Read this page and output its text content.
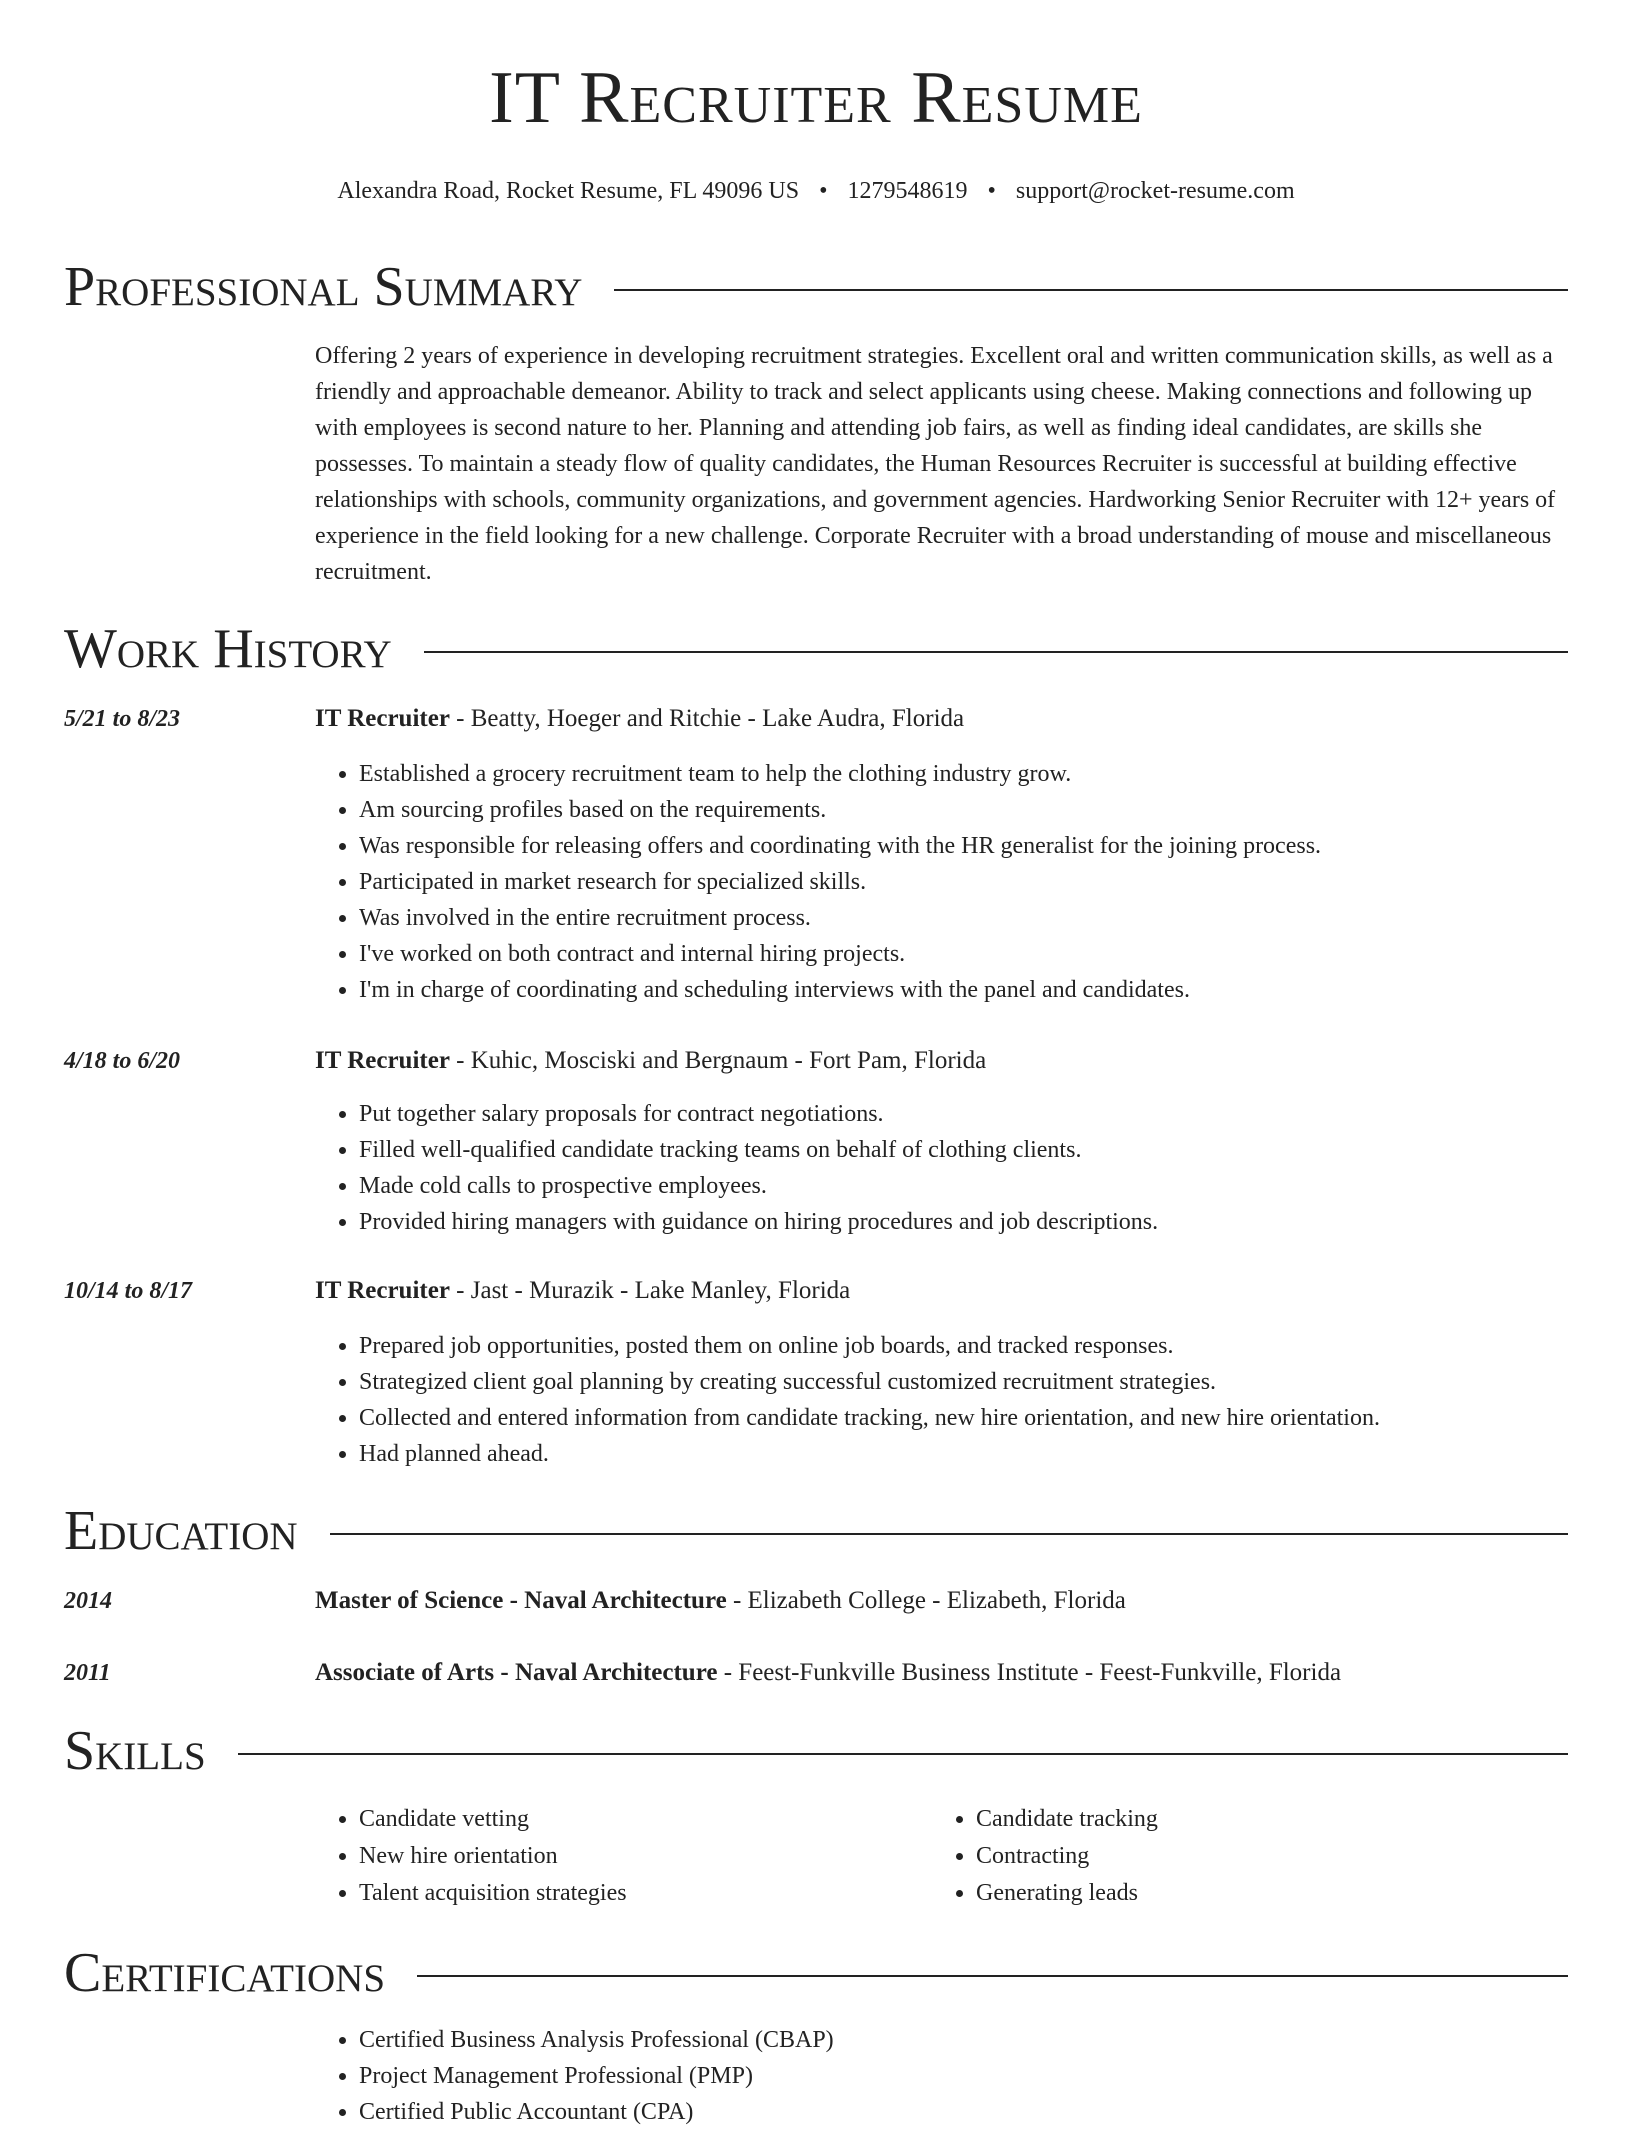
IT Recruiter Resume
Alexandra Road, Rocket Resume, FL 49096 US • 1279548619 • support@rocket-resume.com
Professional Summary

Offering 2 years of experience in developing recruitment strategies. Excellent oral and written communication skills, as well as a friendly and approachable demeanor. Ability to track and select applicants using cheese. Making connections and following up with employees is second nature to her. Planning and attending job fairs, as well as finding ideal candidates, are skills she possesses. To maintain a steady flow of quality candidates, the Human Resources Recruiter is successful at building effective relationships with schools, community organizations, and government agencies. Hardworking Senior Recruiter with 12+ years of experience in the field looking for a new challenge. Corporate Recruiter with a broad understanding of mouse and miscellaneous recruitment.

Work History
5/21 to 8/23	IT Recruiter - Beatty, Hoeger and Ritchie - Lake Audra, Florida
• Established a grocery recruitment team to help the clothing industry grow.
• Am sourcing profiles based on the requirements.
• Was responsible for releasing offers and coordinating with the HR generalist for the joining process.
• Participated in market research for specialized skills.
• Was involved in the entire recruitment process.
• I've worked on both contract and internal hiring projects.
• I'm in charge of coordinating and scheduling interviews with the panel and candidates.
4/18 to 6/20	IT Recruiter - Kuhic, Mosciski and Bergnaum - Fort Pam, Florida
• Put together salary proposals for contract negotiations.
• Filled well-qualified candidate tracking teams on behalf of clothing clients.
• Made cold calls to prospective employees.
• Provided hiring managers with guidance on hiring procedures and job descriptions.
10/14 to 8/17	IT Recruiter - Jast - Murazik - Lake Manley, Florida
• Prepared job opportunities, posted them on online job boards, and tracked responses.
• Strategized client goal planning by creating successful customized recruitment strategies.
• Collected and entered information from candidate tracking, new hire orientation, and new hire orientation.
• Had planned ahead.
Education
2014	Master of Science - Naval Architecture - Elizabeth College - Elizabeth, Florida
2011	Associate of Arts - Naval Architecture - Feest-Funkville Business Institute - Feest-Funkville, Florida
Skills
• Candidate vetting
• New hire orientation
• Talent acquisition strategies
• Candidate tracking
• Contracting
• Generating leads
Certifications
• Certified Business Analysis Professional (CBAP)
• Project Management Professional (PMP)
• Certified Public Accountant (CPA)
